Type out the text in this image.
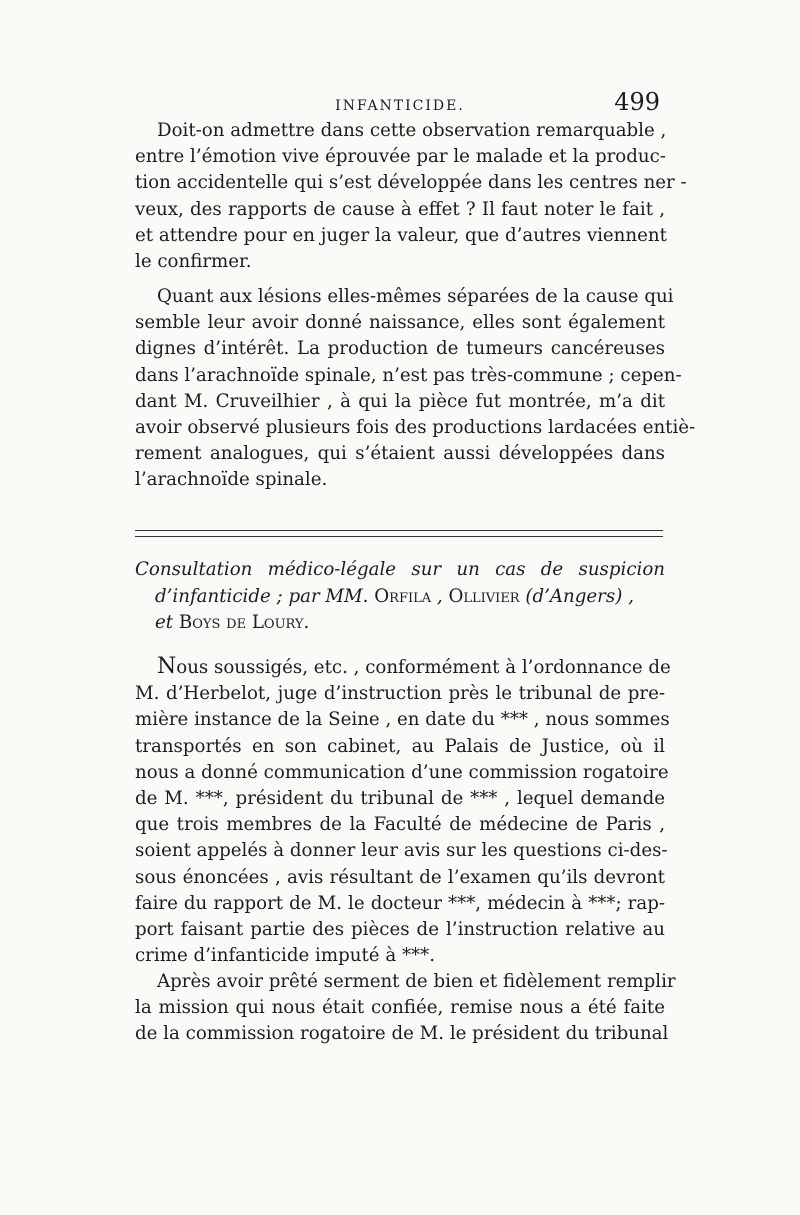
INFANTICIDE.	499

Doit-on admettre dans cette observation remarquable ,
entre l’émotion vive éprouvée par le malade et la produc-
tion accidentelle qui s’est développée dans les centres ner -
veux, des rapports de cause à effet ? Il faut noter le fait ,
et attendre pour en juger la valeur, que d’autres viennent
le confirmer.

Quant aux lésions elles-mêmes séparées de la cause qui
semble leur avoir donné naissance, elles sont également
dignes d’intérêt. La production de tumeurs cancéreuses
dans l’arachnoïde spinale, n’est pas très-commune ; cepen-
dant M. Cruveilhier , à qui la pièce fut montrée, m’a dit
avoir observé plusieurs fois des productions lardacées entiè-
rement analogues, qui s’étaient aussi développées dans
l’arachnoïde spinale.

Consultation médico-légale sur un cas de suspicion
d’infanticide ; par MM. Orfila , Ollivier (d’Angers) ,
et Boys de Loury.

Nous soussigés, etc. , conformément à l’ordonnance de
M. d’Herbelot, juge d’instruction près le tribunal de pre-
mière instance de la Seine , en date du *** , nous sommes
transportés en son cabinet, au Palais de Justice, où il
nous a donné communication d’une commission rogatoire
de M. ***, président du tribunal de *** , lequel demande
que trois membres de la Faculté de médecine de Paris ,
soient appelés à donner leur avis sur les questions ci-des-
sous énoncées , avis résultant de l’examen qu’ils devront
faire du rapport de M. le docteur ***, médecin à ***; rap-
port faisant partie des pièces de l’instruction relative au
crime d’infanticide imputé à ***.

Après avoir prêté serment de bien et fidèlement remplir
la mission qui nous était confiée, remise nous a été faite
de la commission rogatoire de M. le président du tribunal
